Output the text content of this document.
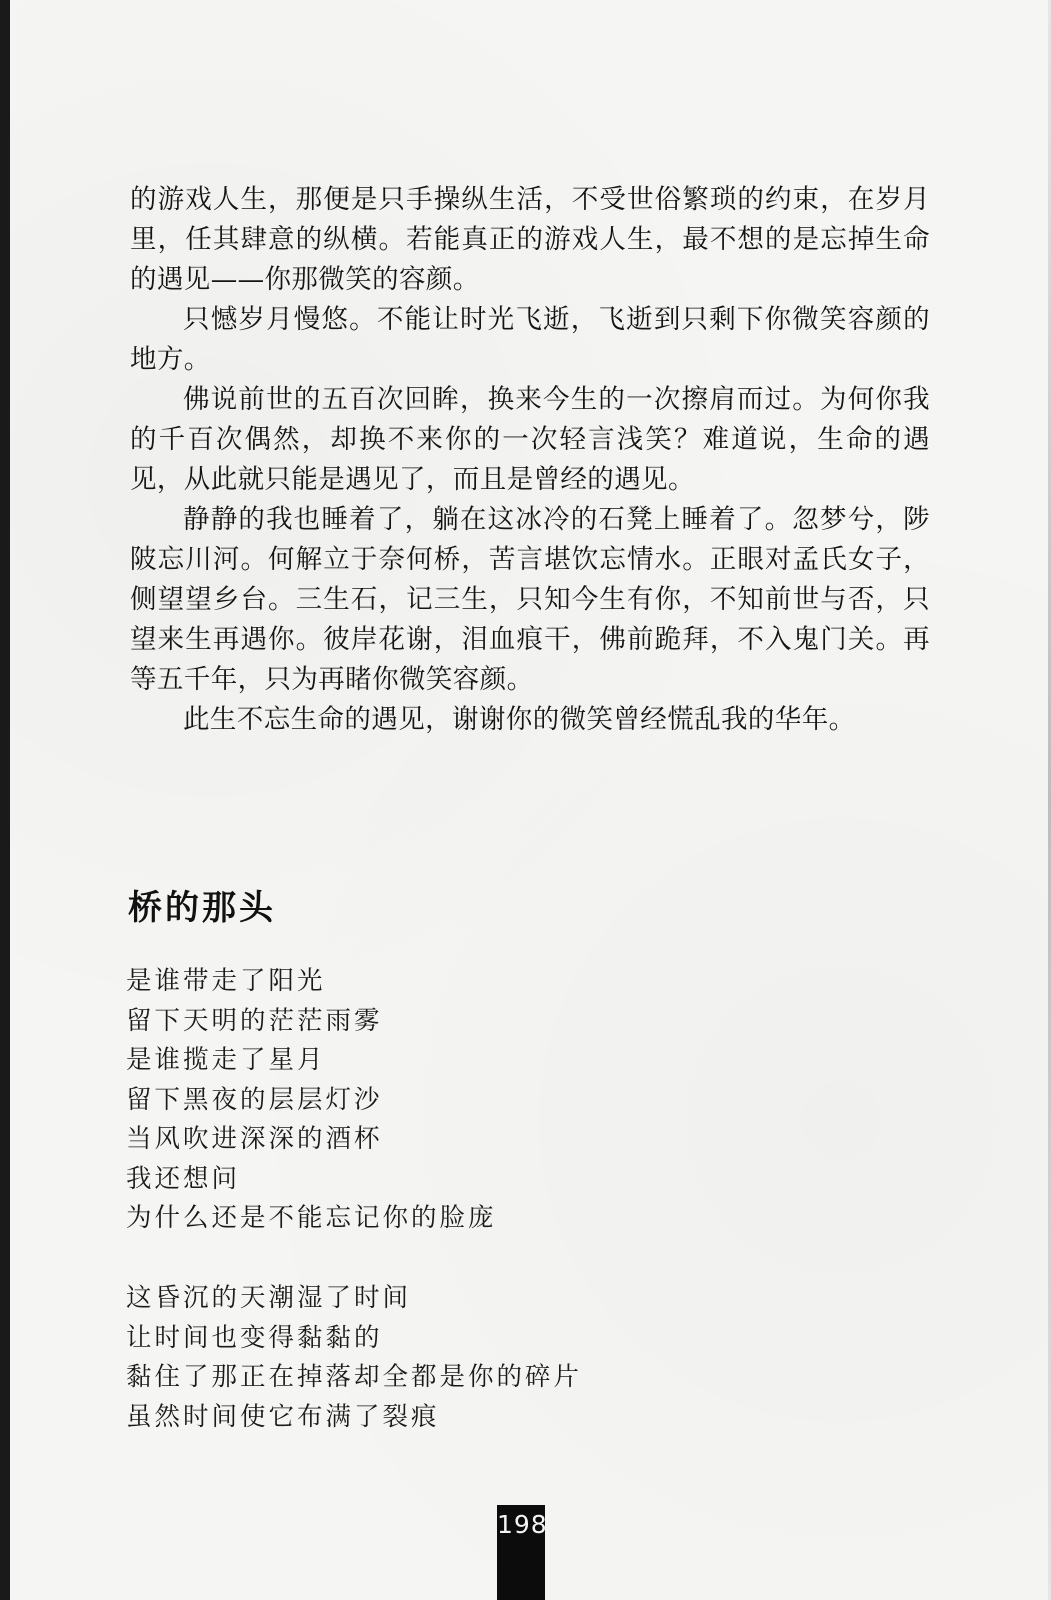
的游戏人生，那便是只手操纵生活，不受世俗繁琐的约束，在岁月里，任其肆意的纵横。若能真正的游戏人生，最不想的是忘掉生命的遇见——你那微笑的容颜。

只憾岁月慢悠。不能让时光飞逝，飞逝到只剩下你微笑容颜的地方。

佛说前世的五百次回眸，换来今生的一次擦肩而过。为何你我的千百次偶然，却换不来你的一次轻言浅笑？难道说，生命的遇见，从此就只能是遇见了，而且是曾经的遇见。

静静的我也睡着了，躺在这冰冷的石凳上睡着了。忽梦兮，陟陂忘川河。何解立于奈何桥，苦言堪饮忘情水。正眼对孟氏女子，侧望望乡台。三生石，记三生，只知今生有你，不知前世与否，只望来生再遇你。彼岸花谢，泪血痕干，佛前跪拜，不入鬼门关。再等五千年，只为再睹你微笑容颜。

此生不忘生命的遇见，谢谢你的微笑曾经慌乱我的华年。

桥的那头
是谁带走了阳光
留下天明的茫茫雨雾
是谁揽走了星月
留下黑夜的层层灯沙
当风吹进深深的酒杯
我还想问
为什么还是不能忘记你的脸庞
这昏沉的天潮湿了时间
让时间也变得黏黏的
黏住了那正在掉落却全都是你的碎片
虽然时间使它布满了裂痕
198
